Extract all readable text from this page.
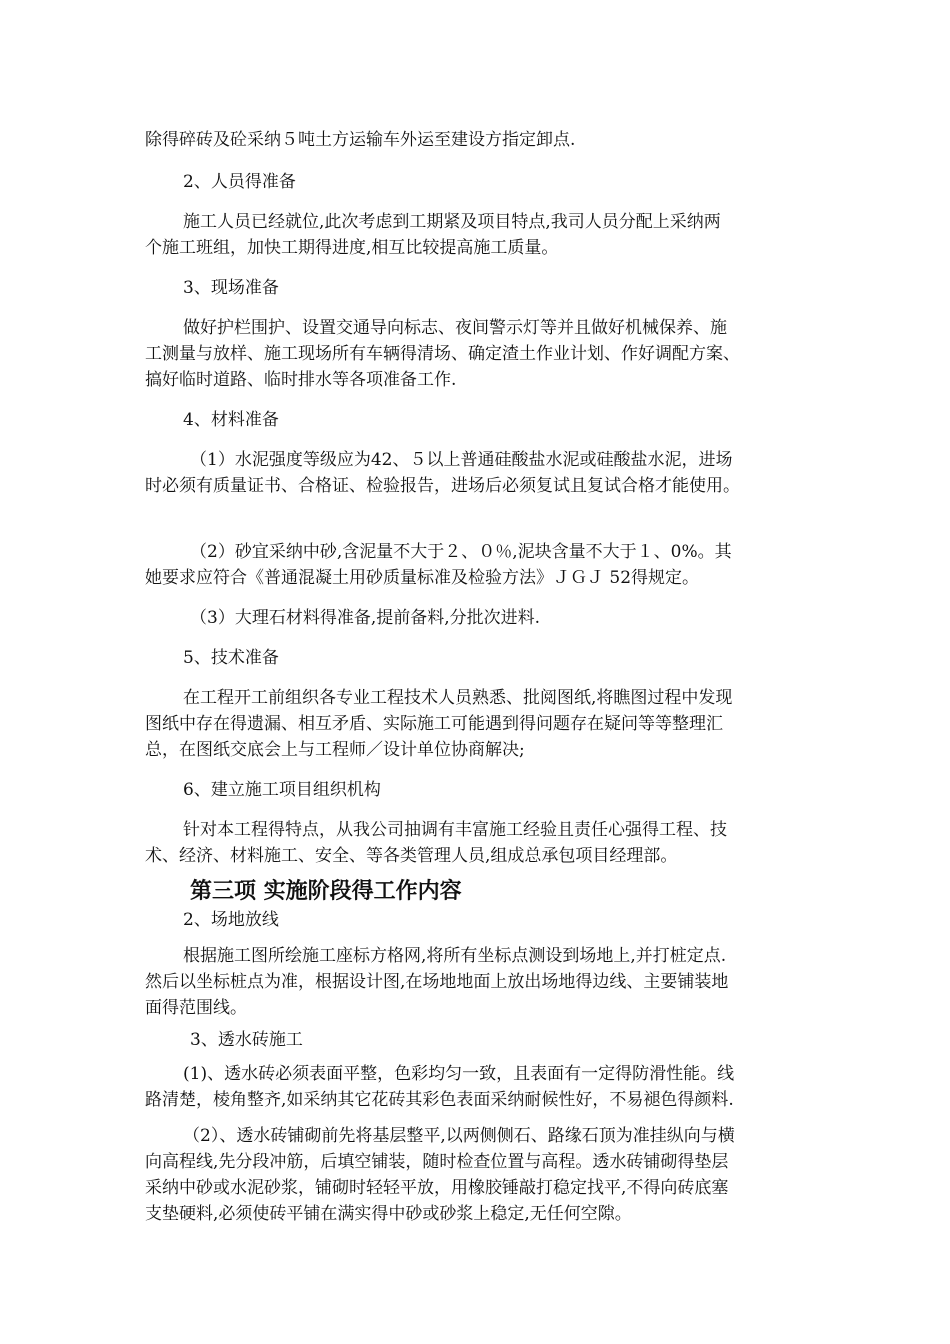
除得碎砖及砼采纳５吨土方运输车外运至建设方指定卸点.
2、人员得准备
施工人员已经就位,此次考虑到工期紧及项目特点,我司人员分配上采纳两
个施工班组，加快工期得进度,相互比较提高施工质量。
3、现场准备
做好护栏围护、设置交通导向标志、夜间警示灯等并且做好机械保养、施
工测量与放样、施工现场所有车辆得清场、确定渣土作业计划、作好调配方案、
搞好临时道路、临时排水等各项准备工作.
4、材料准备
（1）水泥强度等级应为42、５以上普通硅酸盐水泥或硅酸盐水泥，进场
时必须有质量证书、合格证、检验报告，进场后必须复试且复试合格才能使用。
（2）砂宜采纳中砂,含泥量不大于２、０％,泥块含量不大于１、0%。其
她要求应符合《普通混凝土用砂质量标准及检验方法》ＪＧＪ 52得规定。
（3）大理石材料得准备,提前备料,分批次进料.
5、技术准备
在工程开工前组织各专业工程技术人员熟悉、批阅图纸,将瞧图过程中发现
图纸中存在得遗漏、相互矛盾、实际施工可能遇到得问题存在疑问等等整理汇
总，在图纸交底会上与工程师／设计单位协商解决;
6、建立施工项目组织机构
针对本工程得特点，从我公司抽调有丰富施工经验且责任心强得工程、技
术、经济、材料施工、安全、等各类管理人员,组成总承包项目经理部。
第三项 实施阶段得工作内容
2、场地放线
根据施工图所绘施工座标方格网,将所有坐标点测设到场地上,并打桩定点.
然后以坐标桩点为准，根据设计图,在场地地面上放出场地得边线、主要铺装地
面得范围线。
3、透水砖施工
(1)、透水砖必须表面平整，色彩均匀一致，且表面有一定得防滑性能。线
路清楚，棱角整齐,如采纳其它花砖其彩色表面采纳耐候性好，不易褪色得颜料.
（2）、透水砖铺砌前先将基层整平,以两侧侧石、路缘石顶为准挂纵向与横
向高程线,先分段冲筋，后填空铺装，随时检查位置与高程。透水砖铺砌得垫层
采纳中砂或水泥砂浆，铺砌时轻轻平放，用橡胶锤敲打稳定找平,不得向砖底塞
支垫硬料,必须使砖平铺在满实得中砂或砂浆上稳定,无任何空隙。
